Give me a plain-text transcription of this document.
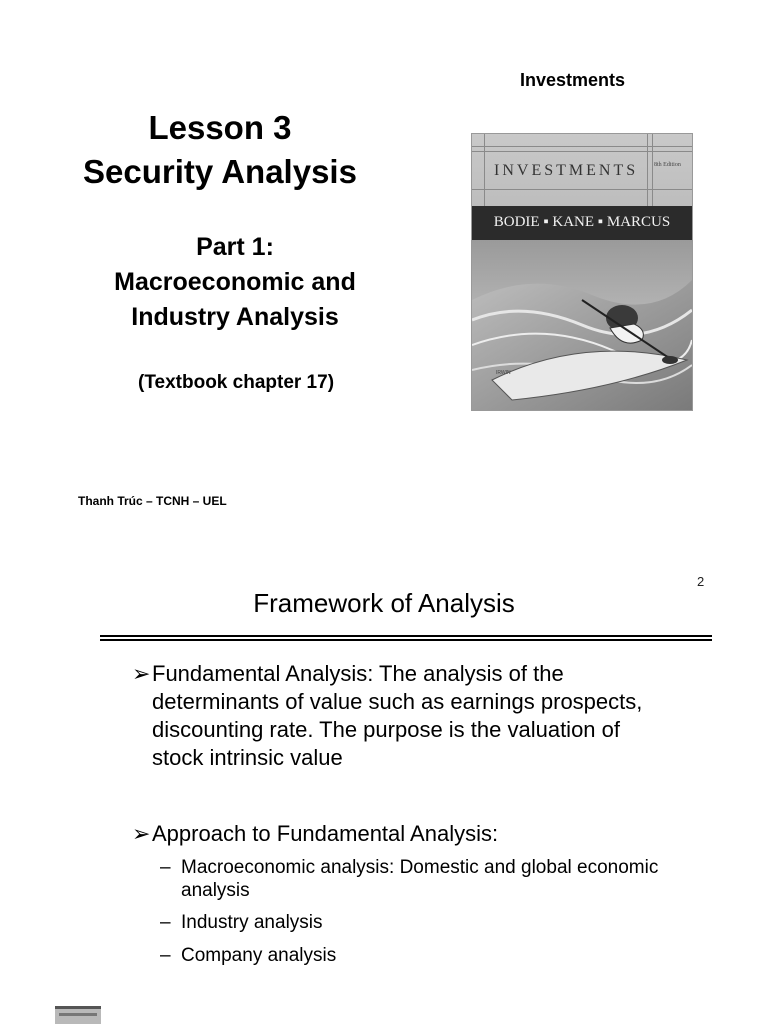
Investments
Lesson 3
Security Analysis
Part 1:
Macroeconomic and
Industry Analysis
(Textbook chapter 17)
Thanh Trúc – TCNH – UEL
INVESTMENTS	8th Edition
BODIE ▪ KANE ▪ MARCUS
IRWIN
2
Framework of Analysis
➢ Fundamental Analysis: The analysis of the determinants of value such as earnings prospects, discounting rate. The purpose is the valuation of stock intrinsic value
➢ Approach to Fundamental Analysis:
– Macroeconomic analysis: Domestic and global economic analysis
– Industry analysis
– Company analysis
